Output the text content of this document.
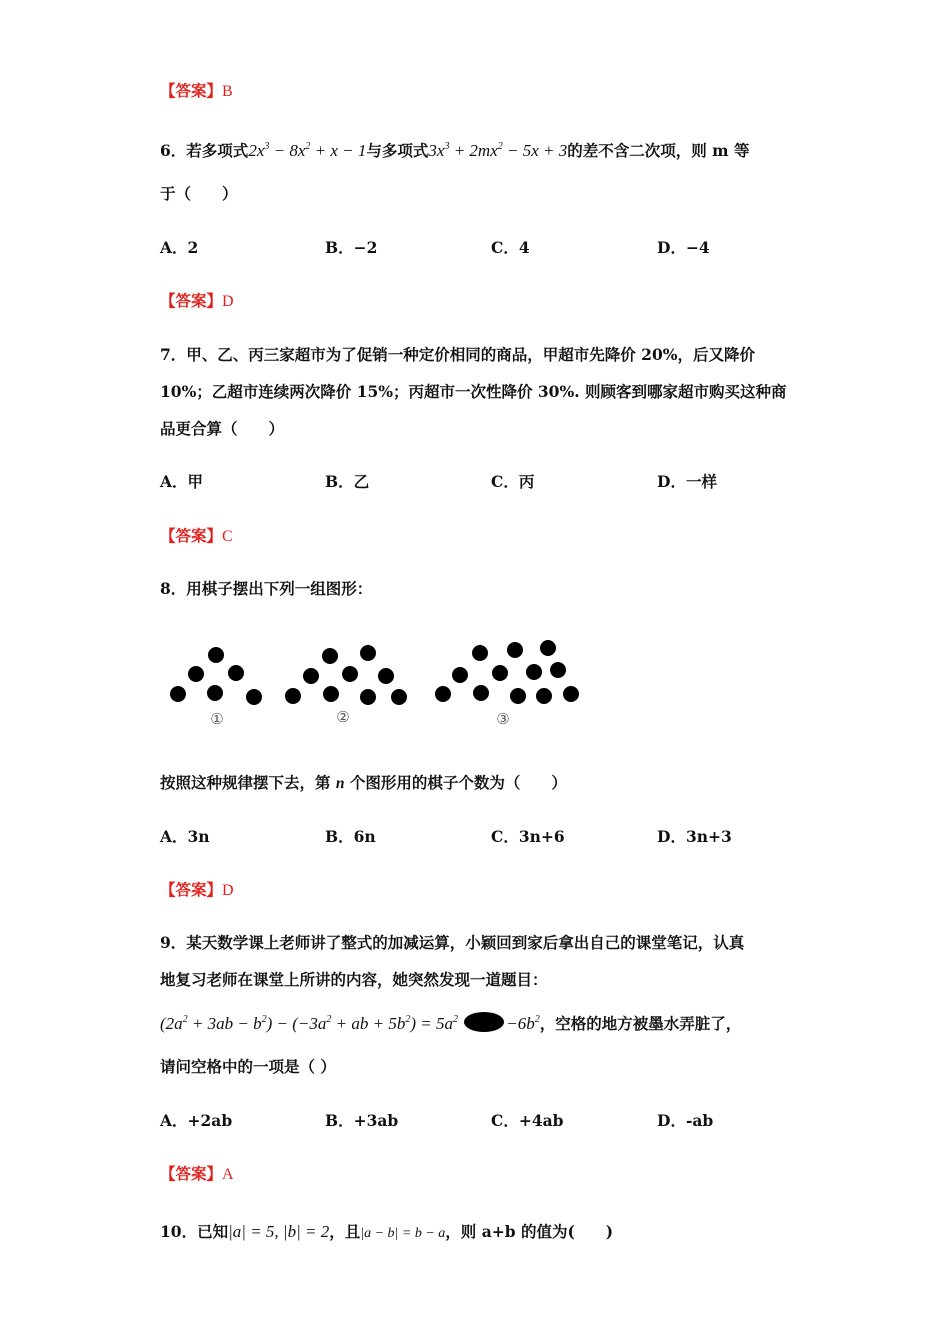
【答案】B
6．若多项式$2x^3 - 8x^2 + x - 1$与多项式$3x^3 + 2mx^2 - 5x + 3$的差不含二次项，则 m 等
于（　　）
A．2	B．−2	C．4	D．−4
【答案】D
7．甲、乙、丙三家超市为了促销一种定价相同的商品，甲超市先降价 20%，后又降价
10%；乙超市连续两次降价 15%；丙超市一次性降价 30%. 则顾客到哪家超市购买这种商
品更合算（　　）
A．甲	B．乙	C．丙	D．一样
【答案】C
8．用棋子摆出下列一组图形：
①	②	③
按照这种规律摆下去，第 n 个图形用的棋子个数为（　　）
A．3n	B．6n	C．3n+6	D．3n+3
【答案】D
9．某天数学课上老师讲了整式的加减运算，小颖回到家后拿出自己的课堂笔记，认真
地复习老师在课堂上所讲的内容，她突然发现一道题目：
$(2a^2 + 3ab - b^2) - (-3a^2$ + ab + $5b^2) = 5a^2$	$-6b^2$，空格的地方被墨水弄脏了，
请问空格中的一项是（ ）
A．+2ab	B．+3ab	C．+4ab	D．-ab
【答案】A
10．已知|a| = 5, |b| = 2，且|a − b| = b − a，则 a+b 的值为(　　)
